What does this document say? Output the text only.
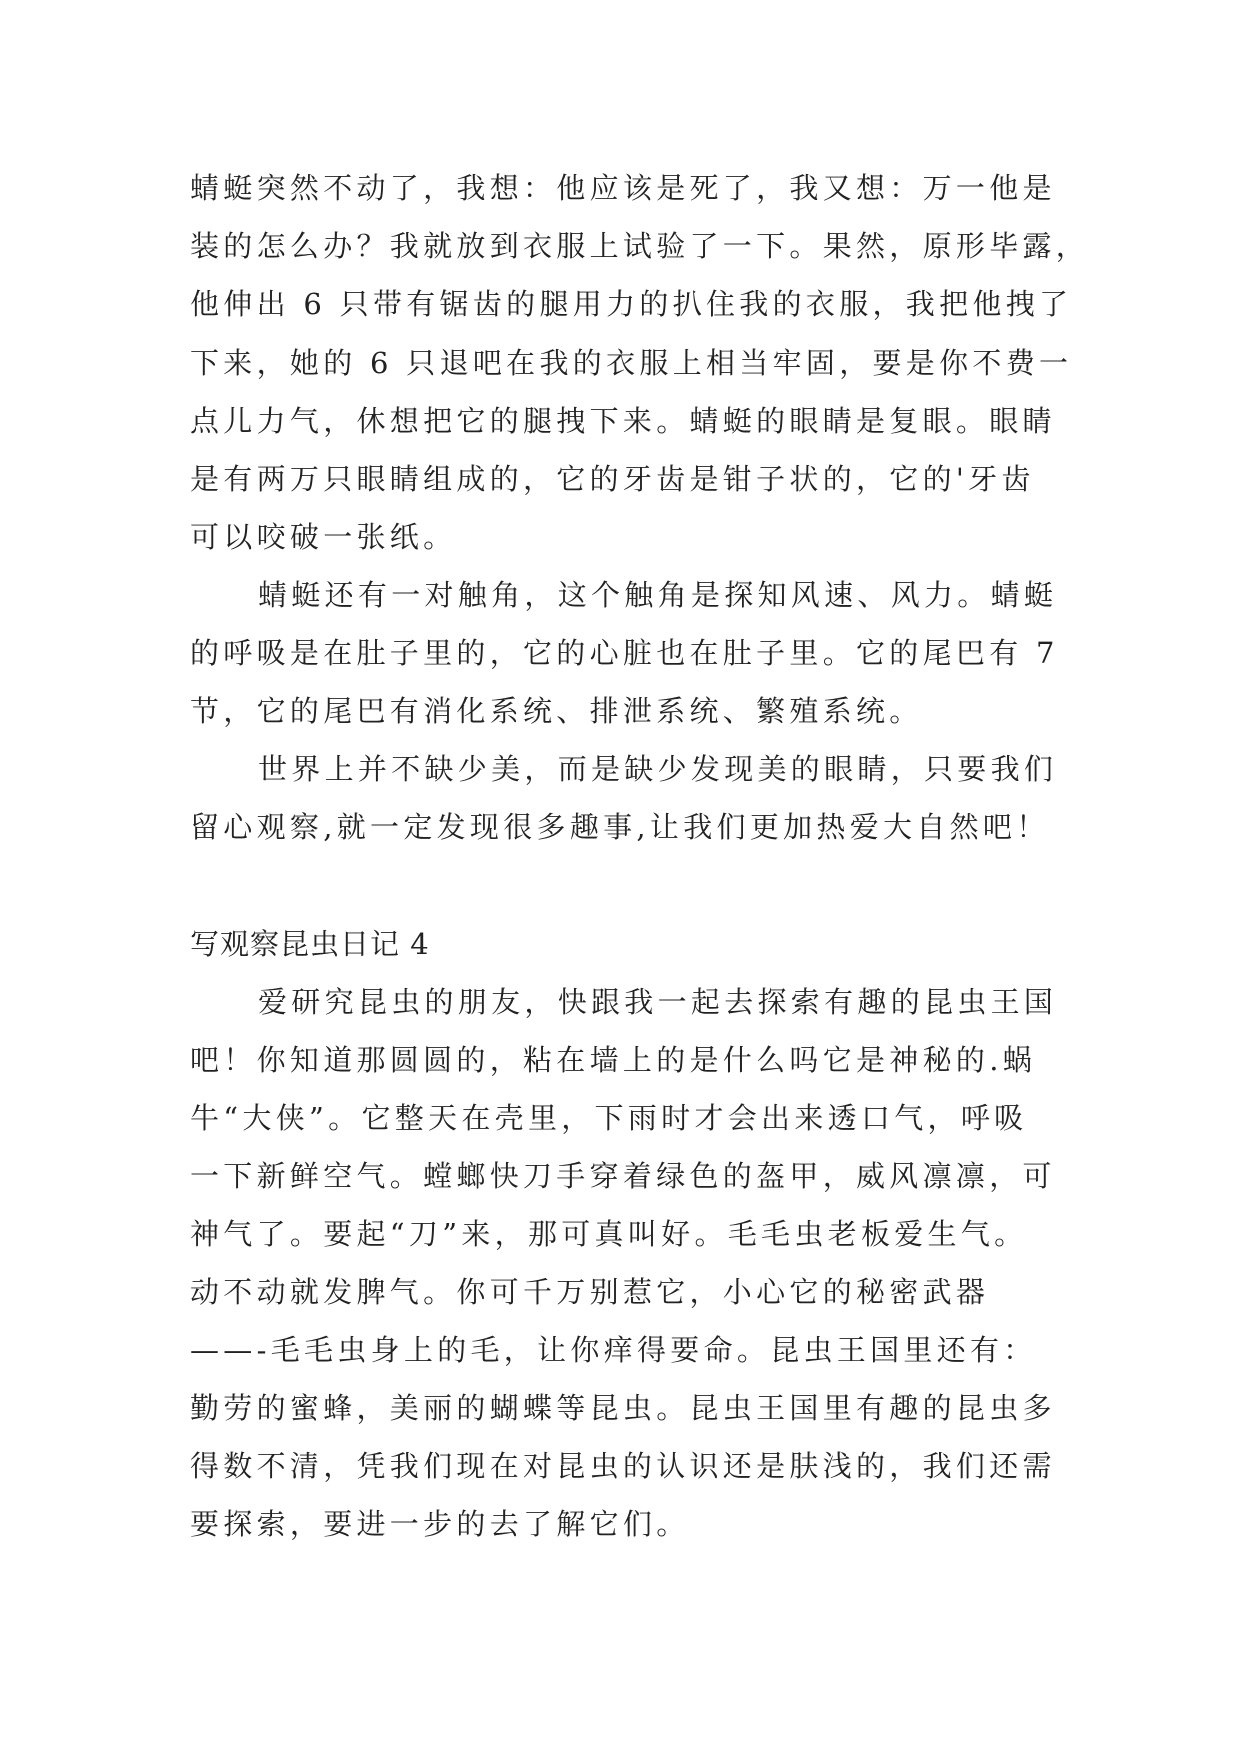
蜻蜓突然不动了，我想：他应该是死了，我又想：万一他是
装的怎么办？我就放到衣服上试验了一下。果然，原形毕露，
他伸出 6 只带有锯齿的腿用力的扒住我的衣服，我把他拽了
下来，她的 6 只退吧在我的衣服上相当牢固，要是你不费一
点儿力气，休想把它的腿拽下来。蜻蜓的眼睛是复眼。眼睛
是有两万只眼睛组成的，它的牙齿是钳子状的，它的'牙齿
可以咬破一张纸。
蜻蜓还有一对触角，这个触角是探知风速、风力。蜻蜓
的呼吸是在肚子里的，它的心脏也在肚子里。它的尾巴有 7
节，它的尾巴有消化系统、排泄系统、繁殖系统。
世界上并不缺少美，而是缺少发现美的眼睛，只要我们
留心观察,就一定发现很多趣事,让我们更加热爱大自然吧！
写观察昆虫日记 4
爱研究昆虫的朋友，快跟我一起去探索有趣的昆虫王国
吧！你知道那圆圆的，粘在墙上的是什么吗它是神秘的.蜗
牛“大侠”。它整天在壳里，下雨时才会出来透口气，呼吸
一下新鲜空气。螳螂快刀手穿着绿色的盔甲，威风凛凛，可
神气了。要起“刀”来，那可真叫好。毛毛虫老板爱生气。
动不动就发脾气。你可千万别惹它，小心它的秘密武器
——-毛毛虫身上的毛，让你痒得要命。昆虫王国里还有：
勤劳的蜜蜂，美丽的蝴蝶等昆虫。昆虫王国里有趣的昆虫多
得数不清，凭我们现在对昆虫的认识还是肤浅的，我们还需
要探索，要进一步的去了解它们。
